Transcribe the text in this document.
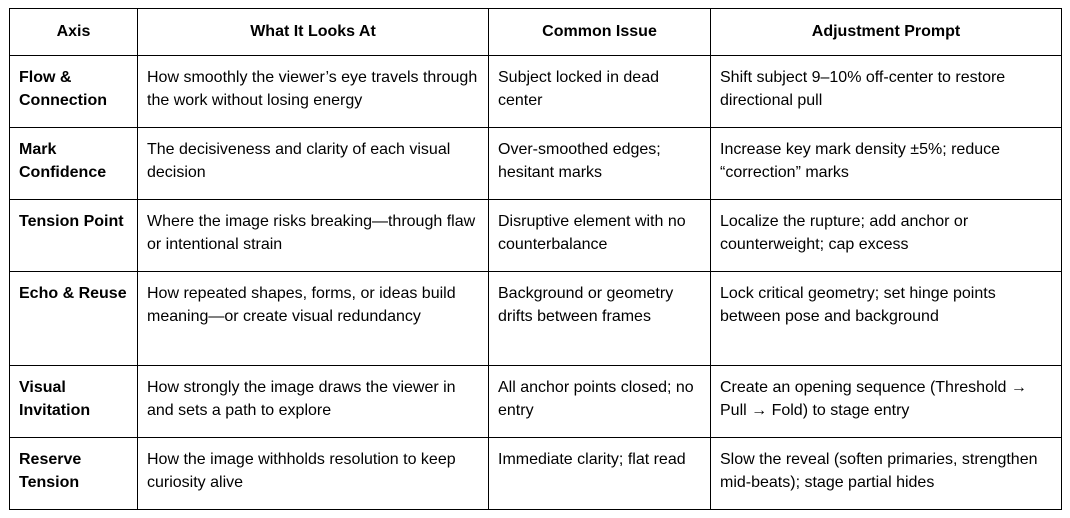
Axis	What It Looks At	Common Issue	Adjustment Prompt
Flow & Connection	How smoothly the viewer’s eye travels through the work without losing energy	Subject locked in dead center	Shift subject 9–10% off-center to restore directional pull
Mark Confidence	The decisiveness and clarity of each visual decision	Over-smoothed edges; hesitant marks	Increase key mark density ±5%; reduce “correction” marks
Tension Point	Where the image risks breaking—through flaw or intentional strain	Disruptive element with no counterbalance	Localize the rupture; add anchor or counterweight; cap excess
Echo & Reuse	How repeated shapes, forms, or ideas build meaning—or create visual redundancy	Background or geometry drifts between frames	Lock critical geometry; set hinge points between pose and background
Visual Invitation	How strongly the image draws the viewer in and sets a path to explore	All anchor points closed; no entry	Create an opening sequence (Threshold → Pull → Fold) to stage entry
Reserve Tension	How the image withholds resolution to keep curiosity alive	Immediate clarity; flat read	Slow the reveal (soften primaries, strengthen mid-beats); stage partial hides
